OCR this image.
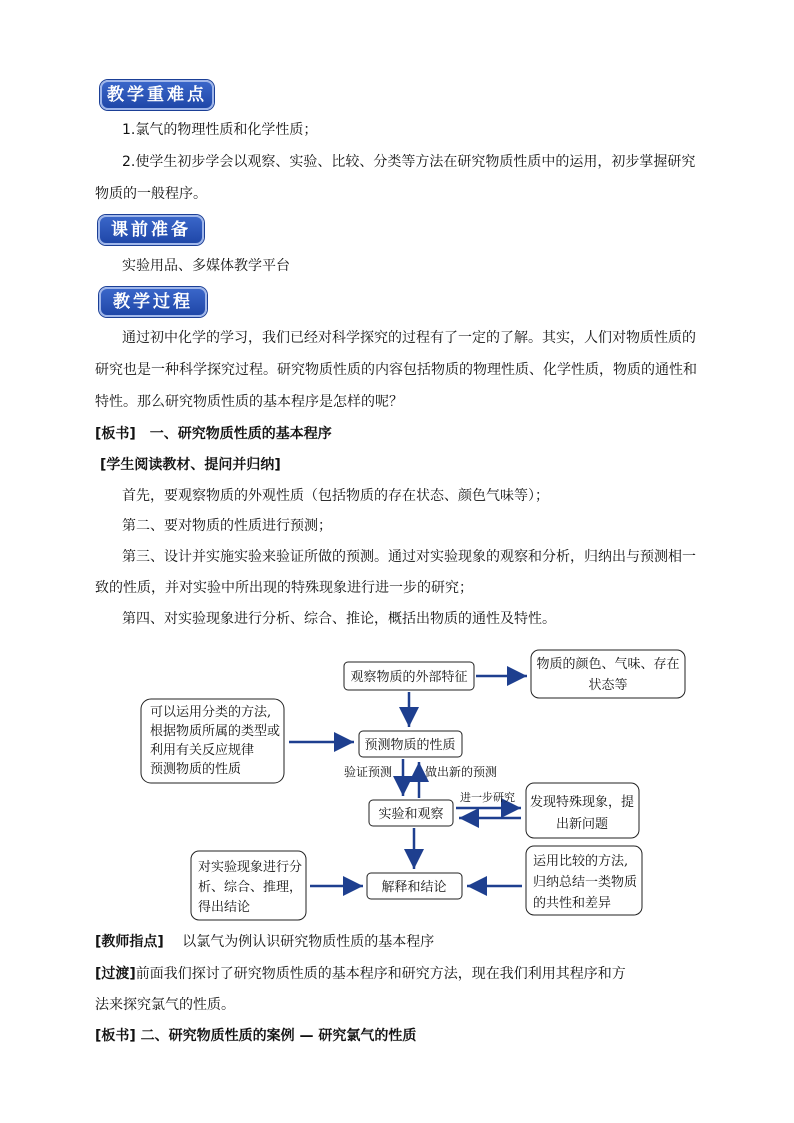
教学重难点
1.氯气的物理性质和化学性质；
2.使学生初步学会以观察、实验、比较、分类等方法在研究物质性质中的运用，初步掌握研究
物质的一般程序。
课前准备
实验用品、多媒体教学平台
教学过程
通过初中化学的学习，我们已经对科学探究的过程有了一定的了解。其实，人们对物质性质的
研究也是一种科学探究过程。研究物质性质的内容包括物质的物理性质、化学性质，物质的通性和
特性。那么研究物质性质的基本程序是怎样的呢？
[板书]　一、研究物质性质的基本程序
[学生阅读教材、提问并归纳]
首先，要观察物质的外观性质（包括物质的存在状态、颜色气味等）；
第二、要对物质的性质进行预测；
第三、设计并实施实验来验证所做的预测。通过对实验现象的观察和分析，归纳出与预测相一
致的性质，并对实验中所出现的特殊现象进行进一步的研究；
第四、对实验现象进行分析、综合、推论，概括出物质的通性及特性。
观察物质的外部特征
物质的颜色、气味、存在
状态等
可以运用分类的方法,
根据物质所属的类型或
利用有关反应规律
预测物质的性质
预测物质的性质
验证预测	做出新的预测
实验和观察
进一步研究 发现特殊现象，提
出新问题
对实验现象进行分
析、综合、推理，
得出结论
解释和结论
运用比较的方法,
归纳总结一类物质
的共性和差异
[教师指点] 以氯气为例认识研究物质性质的基本程序
[过渡]前面我们探讨了研究物质性质的基本程序和研究方法，现在我们利用其程序和方
法来探究氯气的性质。
[板书] 二、研究物质性质的案例 — 研究氯气的性质
